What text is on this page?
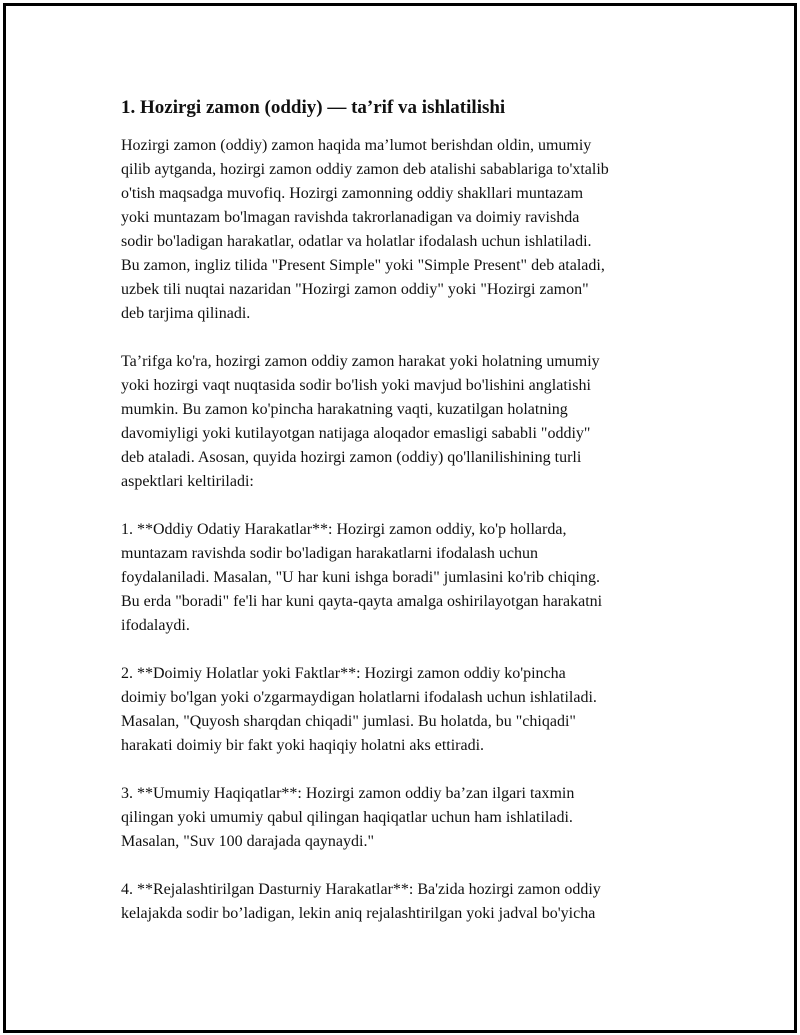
1. Hozirgi zamon (oddiy) — ta’rif va ishlatilishi
Hozirgi zamon (oddiy) zamon haqida ma’lumot berishdan oldin, umumiy
qilib aytganda, hozirgi zamon oddiy zamon deb atalishi sabablariga to'xtalib
o'tish maqsadga muvofiq. Hozirgi zamonning oddiy shakllari muntazam
yoki muntazam bo'lmagan ravishda takrorlanadigan va doimiy ravishda
sodir bo'ladigan harakatlar, odatlar va holatlar ifodalash uchun ishlatiladi.
Bu zamon, ingliz tilida "Present Simple" yoki "Simple Present" deb ataladi,
uzbek tili nuqtai nazaridan "Hozirgi zamon oddiy" yoki "Hozirgi zamon"
deb tarjima qilinadi.
Ta’rifga ko'ra, hozirgi zamon oddiy zamon harakat yoki holatning umumiy
yoki hozirgi vaqt nuqtasida sodir bo'lish yoki mavjud bo'lishini anglatishi
mumkin. Bu zamon ko'pincha harakatning vaqti, kuzatilgan holatning
davomiyligi yoki kutilayotgan natijaga aloqador emasligi sababli "oddiy"
deb ataladi. Asosan, quyida hozirgi zamon (oddiy) qo'llanilishining turli
aspektlari keltiriladi:
1. **Oddiy Odatiy Harakatlar**: Hozirgi zamon oddiy, ko'p hollarda,
muntazam ravishda sodir bo'ladigan harakatlarni ifodalash uchun
foydalaniladi. Masalan, "U har kuni ishga boradi" jumlasini ko'rib chiqing.
Bu erda "boradi" fe'li har kuni qayta-qayta amalga oshirilayotgan harakatni
ifodalaydi.
2. **Doimiy Holatlar yoki Faktlar**: Hozirgi zamon oddiy ko'pincha
doimiy bo'lgan yoki o'zgarmaydigan holatlarni ifodalash uchun ishlatiladi.
Masalan, "Quyosh sharqdan chiqadi" jumlasi. Bu holatda, bu "chiqadi"
harakati doimiy bir fakt yoki haqiqiy holatni aks ettiradi.
3. **Umumiy Haqiqatlar**: Hozirgi zamon oddiy ba’zan ilgari taxmin
qilingan yoki umumiy qabul qilingan haqiqatlar uchun ham ishlatiladi.
Masalan, "Suv 100 darajada qaynaydi."
4. **Rejalashtirilgan Dasturniy Harakatlar**: Ba'zida hozirgi zamon oddiy
kelajakda sodir bo’ladigan, lekin aniq rejalashtirilgan yoki jadval bo'yicha
